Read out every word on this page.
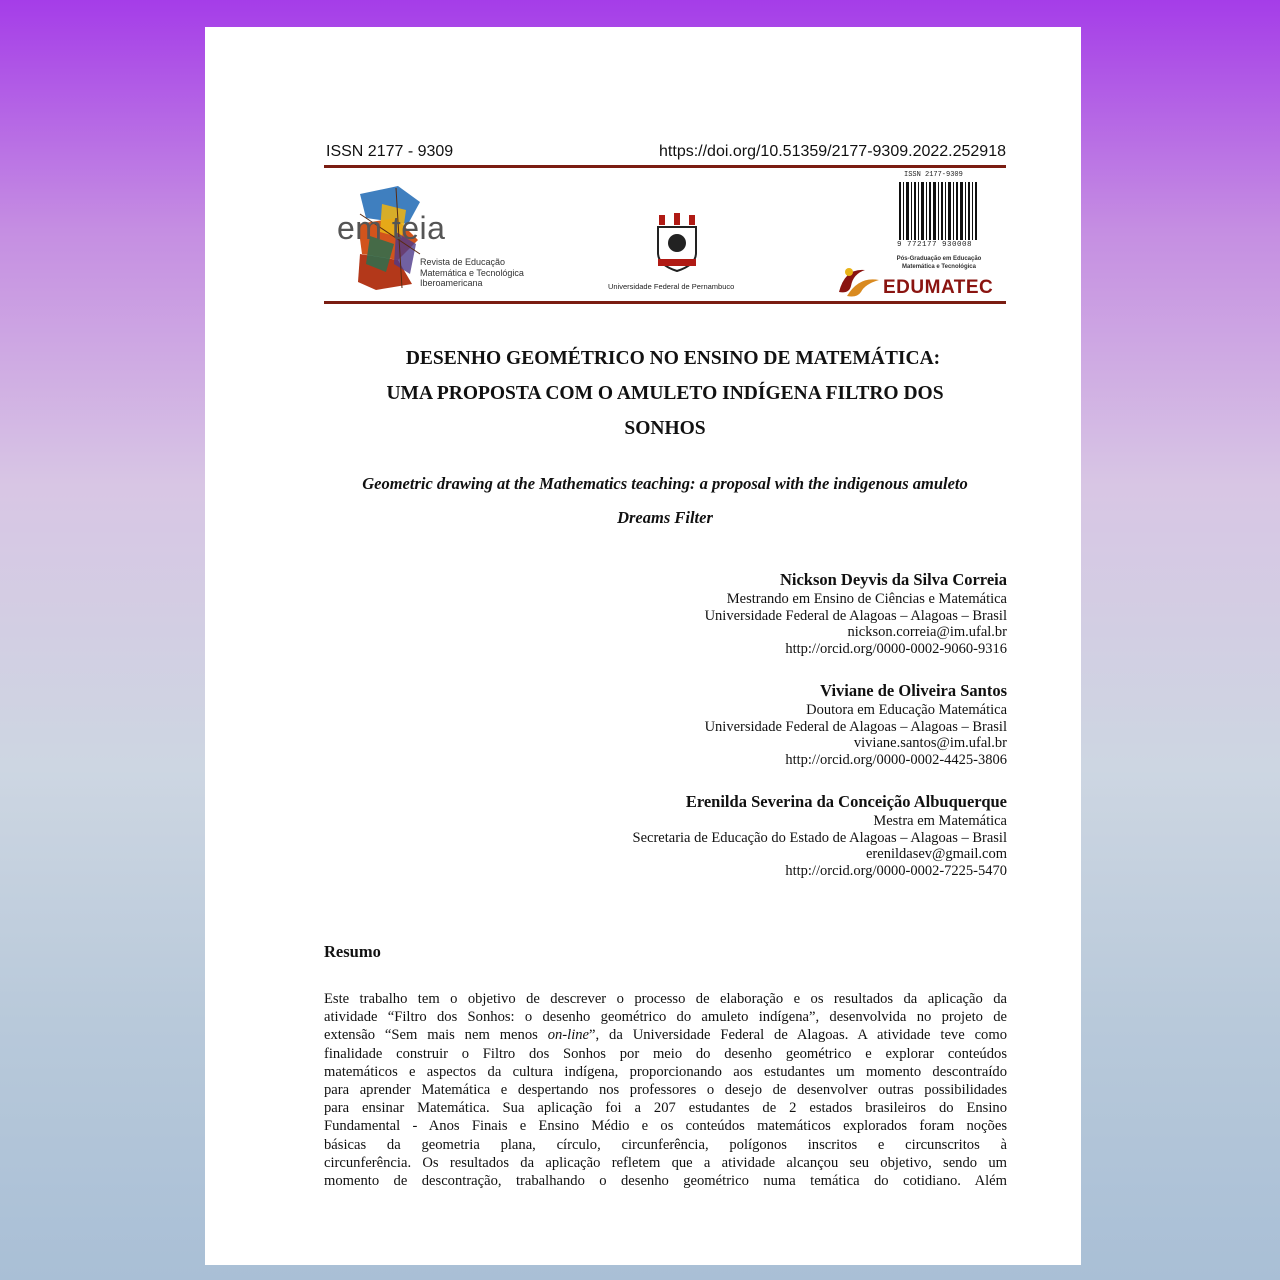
ISSN 2177 - 9309	https://doi.org/10.51359/2177-9309.2022.252918
em teia
Revista de Educação
Matemática e Tecnológica
Iberoamericana	Universidade Federal de Pernambuco
ISSN 2177-9309
9 772177 930008
Pós-Graduação em Educação
Matemática e Tecnológica
EDUMATEC
DESENHO GEOMÉTRICO NO ENSINO DE MATEMÁTICA:
UMA PROPOSTA COM O AMULETO INDÍGENA FILTRO DOS
SONHOS
Geometric drawing at the Mathematics teaching: a proposal with the indigenous amuleto
Dreams Filter
Nickson Deyvis da Silva Correia
Mestrando em Ensino de Ciências e Matemática
Universidade Federal de Alagoas – Alagoas – Brasil
nickson.correia@im.ufal.br
http://orcid.org/0000-0002-9060-9316
Viviane de Oliveira Santos
Doutora em Educação Matemática
Universidade Federal de Alagoas – Alagoas – Brasil
viviane.santos@im.ufal.br
http://orcid.org/0000-0002-4425-3806
Erenilda Severina da Conceição Albuquerque
Mestra em Matemática
Secretaria de Educação do Estado de Alagoas – Alagoas – Brasil
erenildasev@gmail.com
http://orcid.org/0000-0002-7225-5470
Resumo
Este trabalho tem o objetivo de descrever o processo de elaboração e os resultados da aplicação da
atividade “Filtro dos Sonhos: o desenho geométrico do amuleto indígena”, desenvolvida no projeto de
extensão “Sem mais nem menos on-line”, da Universidade Federal de Alagoas. A atividade teve como
finalidade construir o Filtro dos Sonhos por meio do desenho geométrico e explorar conteúdos
matemáticos e aspectos da cultura indígena, proporcionando aos estudantes um momento descontraído
para aprender Matemática e despertando nos professores o desejo de desenvolver outras possibilidades
para ensinar Matemática. Sua aplicação foi a 207 estudantes de 2 estados brasileiros do Ensino
Fundamental - Anos Finais e Ensino Médio e os conteúdos matemáticos explorados foram noções
básicas da geometria plana, círculo, circunferência, polígonos inscritos e circunscritos à
circunferência. Os resultados da aplicação refletem que a atividade alcançou seu objetivo, sendo um
momento de descontração, trabalhando o desenho geométrico numa temática do cotidiano. Além
